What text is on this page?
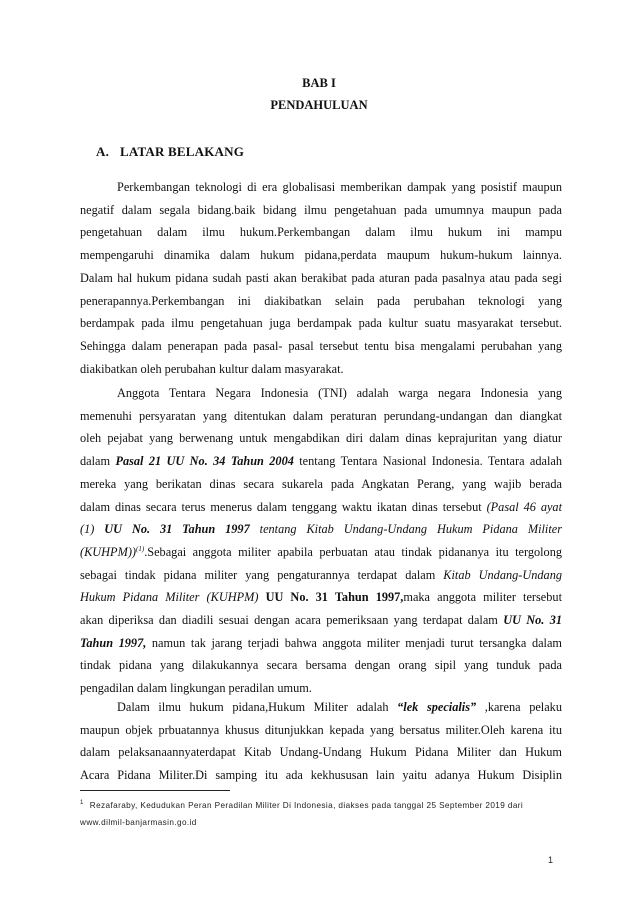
BAB I
PENDAHULUAN
A. LATAR BELAKANG
Perkembangan teknologi di era globalisasi memberikan dampak yang posistif maupun
negatif dalam segala bidang.baik bidang ilmu pengetahuan pada umumnya maupun pada
pengetahuan dalam ilmu hukum.Perkembangan dalam ilmu hukum ini mampu
mempengaruhi dinamika dalam hukum pidana,perdata maupum hukum-hukum lainnya.
Dalam hal hukum pidana sudah pasti akan berakibat pada aturan pada pasalnya atau pada segi
penerapannya.Perkembangan ini diakibatkan selain pada perubahan teknologi yang
berdampak pada ilmu pengetahuan juga berdampak pada kultur suatu masyarakat tersebut.
Sehingga dalam penerapan pada pasal- pasal tersebut tentu bisa mengalami perubahan yang
diakibatkan oleh perubahan kultur dalam masyarakat.
Anggota Tentara Negara Indonesia (TNI) adalah warga negara Indonesia yang
memenuhi persyaratan yang ditentukan dalam peraturan perundang-undangan dan diangkat
oleh pejabat yang berwenang untuk mengabdikan diri dalam dinas keprajuritan yang diatur
dalam Pasal 21 UU No. 34 Tahun 2004 tentang Tentara Nasional Indonesia. Tentara adalah
mereka yang berikatan dinas secara sukarela pada Angkatan Perang, yang wajib berada
dalam dinas secara terus menerus dalam tenggang waktu ikatan dinas tersebut (Pasal 46 ayat
(1) UU No. 31 Tahun 1997 tentang Kitab Undang-Undang Hukum Pidana Militer
(KUHPM))$^{(1)}$.Sebagai anggota militer apabila perbuatan atau tindak pidananya itu tergolong
sebagai tindak pidana militer yang pengaturannya terdapat dalam Kitab Undang-Undang
Hukum Pidana Militer (KUHPM) UU No. 31 Tahun 1997,maka anggota militer tersebut
akan diperiksa dan diadili sesuai dengan acara pemeriksaan yang terdapat dalam UU No. 31
Tahun 1997, namun tak jarang terjadi bahwa anggota militer menjadi turut tersangka dalam
tindak pidana yang dilakukannya secara bersama dengan orang sipil yang tunduk pada
pengadilan dalam lingkungan peradilan umum.
Dalam ilmu hukum pidana,Hukum Militer adalah “lek specialis” ,karena pelaku
maupun objek prbuatannya khusus ditunjukkan kepada yang bersatus militer.Oleh karena itu
dalam pelaksanaannyaterdapat Kitab Undang-Undang Hukum Pidana Militer dan Hukum
Acara Pidana Militer.Di samping itu ada kekhususan lain yaitu adanya Hukum Disiplin
$^1$ Rezafaraby, Kedudukan Peran Peradilan Militer Di Indonesia, diakses pada tanggal 25 September 2019 dari
www.dilmil-banjarmasin.go.id
1
